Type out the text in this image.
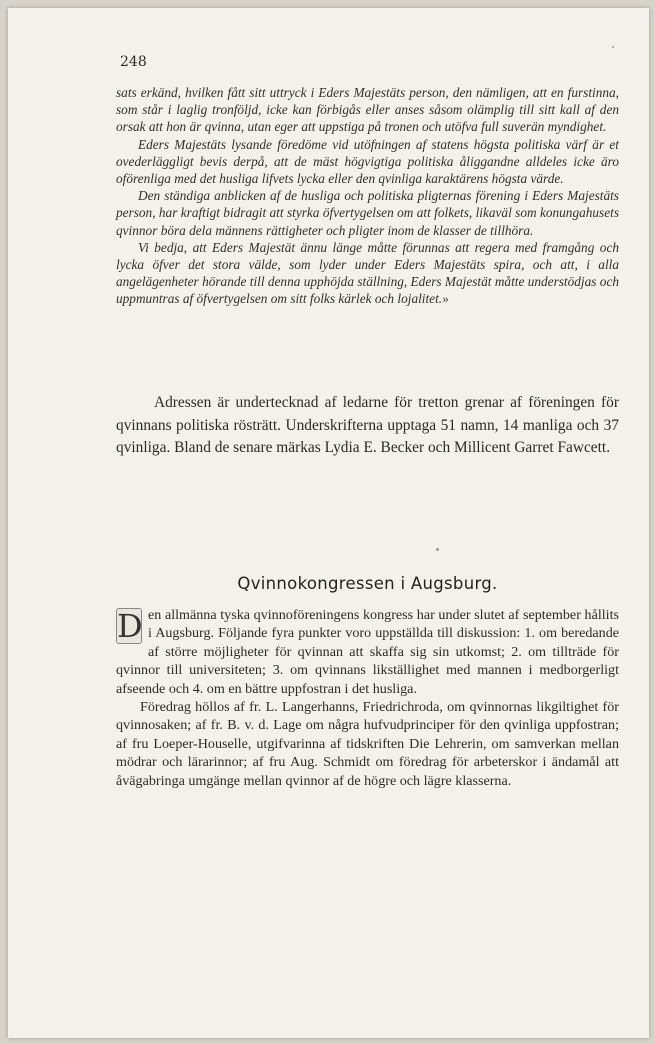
248

sats erkänd, hvilken fått sitt uttryck i Eders Majestäts person, den nämligen, att en furstinna, som står i laglig tronföljd, icke kan förbigås eller anses såsom olämplig till sitt kall af den orsak att hon är qvinna, utan eger att uppstiga på tronen och utöfva full suverän myndighet.

Eders Majestäts lysande föredöme vid utöfningen af statens högsta politiska värf är et ovederläggligt bevis derpå, att de mäst högvigtiga politiska åliggandne alldeles icke äro oförenliga med det husliga lifvets lycka eller den qvinliga karaktärens högsta värde.

Den ständiga anblicken af de husliga och politiska pligternas förening i Eders Majestäts person, har kraftigt bidragit att styrka öfvertygelsen om att folkets, likaväl som konungahusets qvinnor böra dela männens rättigheter och pligter inom de klasser de tillhöra.

Vi bedja, att Eders Majestät ännu länge måtte förunnas att regera med framgång och lycka öfver det stora välde, som lyder under Eders Majestäts spira, och att, i alla angelägenheter hörande till denna upphöjda ställning, Eders Majestät måtte understödjas och uppmuntras af öfvertygelsen om sitt folks kärlek och lojalitet.»

Adressen är undertecknad af ledarne för tretton grenar af föreningen för qvinnans politiska rösträtt. Underskrifterna upptaga 51 namn, 14 manliga och 37 qvinliga. Bland de senare märkas Lydia E. Becker och Millicent Garret Fawcett.

Qvinnokongressen i Augsburg.

D en allmänna tyska qvinnoföreningens kongress har under slutet af september hållits i Augsburg. Följande fyra punkter voro uppställda till diskussion: 1. om beredande af större möjligheter för qvinnan att skaffa sig sin utkomst; 2. om tillträde för qvinnor till universiteten; 3. om qvinnans likställighet med mannen i medborgerligt afseende och 4. om en bättre uppfostran i det husliga.

Föredrag höllos af fr. L. Langerhanns, Friedrichroda, om qvinnornas likgiltighet för qvinnosaken; af fr. B. v. d. Lage om några hufvudprinciper för den qvinliga uppfostran; af fru Loeper-Houselle, utgifvarinna af tidskriften Die Lehrerin, om samverkan mellan mödrar och lärarinnor; af fru Aug. Schmidt om föredrag för arbeterskor i ändamål att åvägabringa umgänge mellan qvinnor af de högre och lägre klasserna.
